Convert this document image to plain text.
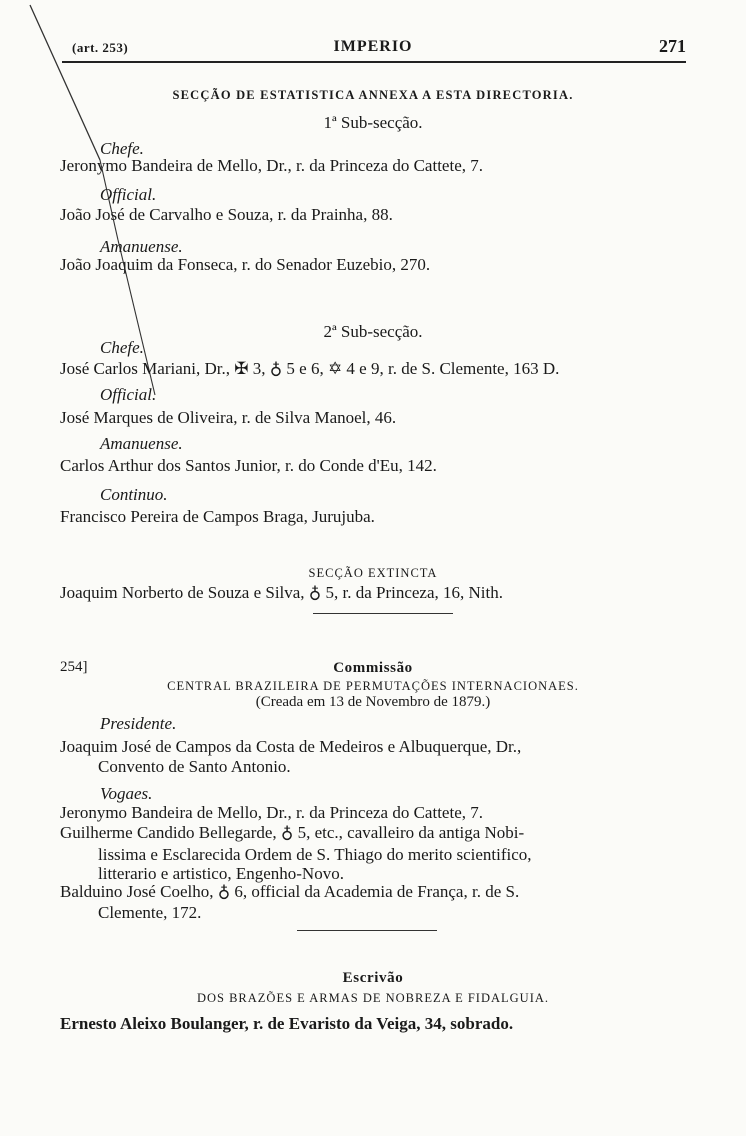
(art. 253)	IMPERIO	271
SECÇÃO DE ESTATISTICA ANNEXA A ESTA DIRECTORIA.
1ª Sub-secção.
Chefe.
Jeronymo Bandeira de Mello, Dr., r. da Princeza do Cattete, 7.
Official.
João José de Carvalho e Souza, r. da Prainha, 88.
Amanuense.
João Joaquim da Fonseca, r. do Senador Euzebio, 270.
2ª Sub-secção.
Chefe.
José Carlos Mariani, Dr., ✠ 3, ♁ 5 e 6, ✡ 4 e 9, r. de S. Clemente, 163 D.
Official.
José Marques de Oliveira, r. de Silva Manoel, 46.
Amanuense.
Carlos Arthur dos Santos Junior, r. do Conde d'Eu, 142.
Continuo.
Francisco Pereira de Campos Braga, Jurujuba.
SECÇÃO EXTINCTA
Joaquim Norberto de Souza e Silva, ♁ 5, r. da Princeza, 16, Nith.
254]	Commissão
CENTRAL BRAZILEIRA DE PERMUTAÇÕES INTERNACIONAES.
(Creada em 13 de Novembro de 1879.)
Presidente.
Joaquim José de Campos da Costa de Medeiros e Albuquerque, Dr.,
Convento de Santo Antonio.
Vogaes.
Jeronymo Bandeira de Mello, Dr., r. da Princeza do Cattete, 7.
Guilherme Candido Bellegarde, ♁ 5, etc., cavalleiro da antiga Nobi-
lissima e Esclarecida Ordem de S. Thiago do merito scientifico,
litterario e artistico, Engenho-Novo.
Balduino José Coelho, ♁ 6, official da Academia de França, r. de S.
Clemente, 172.
Escrivão
DOS BRAZÕES E ARMAS DE NOBREZA E FIDALGUIA.
Ernesto Aleixo Boulanger, r. de Evaristo da Veiga, 34, sobrado.
